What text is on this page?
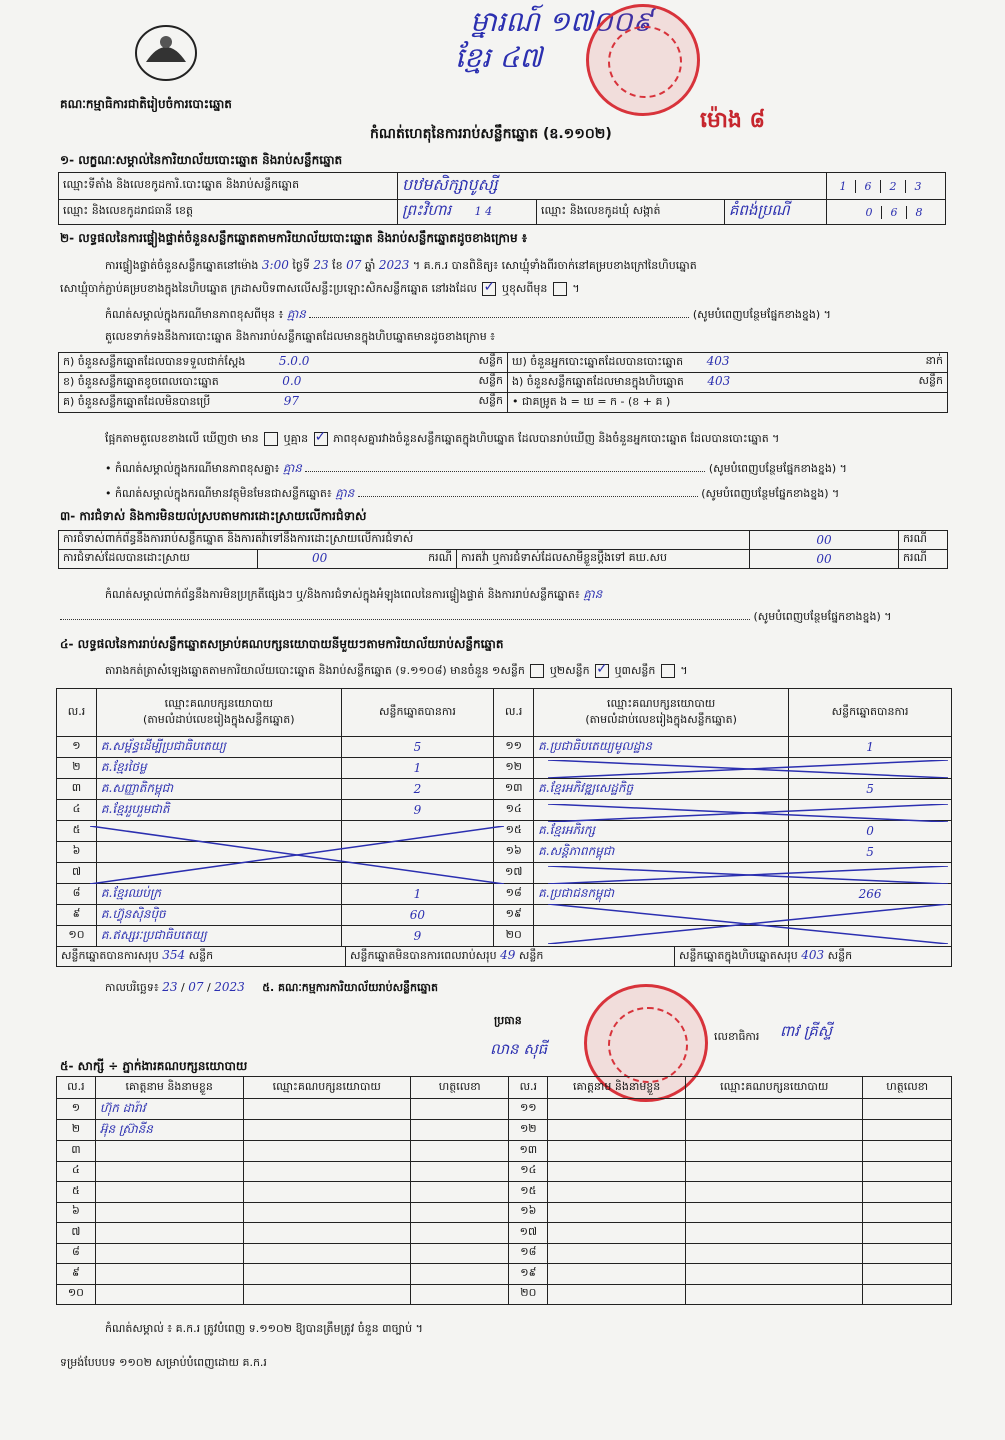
គណៈកម្មាធិការជាតិរៀបចំការបោះឆ្នោត
ម្នារណ៍ ១៧០០៩
ខ្មែរ ៤៧
ម៉ោង ៨
កំណត់ហេតុនៃការរាប់សន្លឹកឆ្នោត (ឧ.១១០២)
១- លក្ខណៈសម្គាល់នៃការិយាល័យបោះឆ្នោត និងរាប់សន្លឹកឆ្នោត
ឈ្មោះទីតាំង និងលេខកូដការិ.បោះឆ្នោត និងរាប់សន្លឹកឆ្នោត	បឋមសិក្សាបូស្សី			1 6 2 3
ឈ្មោះ និងលេខកូដរាជធានី ខេត្ត	ព្រះវិហារ 1 4	ឈ្មោះ និងលេខកូដឃុំ សង្កាត់	គំពង់ប្រណី	0 6 8
២- លទ្ធផលនៃការផ្ទៀងផ្ទាត់ចំនួនសន្លឹកឆ្នោតតាមការិយាល័យបោះឆ្នោត និងរាប់សន្លឹកឆ្នោតដូចខាងក្រោម ៖
ការផ្ទៀងផ្ទាត់ចំនួនសន្លឹកឆ្នោតនៅម៉ោង 3:00 ថ្ងៃទី 23 ខែ 07 ឆ្នាំ 2023 ។ គ.ក.រ បានពិនិត្យ៖ សោឃ្មុំទាំងពីរចាក់នៅគម្របខាងក្រៅនៃហិបឆ្នោត
សោឃ្មុំចាក់ភ្ជាប់គម្របខាងក្នុងនៃហិបឆ្នោត ក្រដាសបិទពាសលើសន្លឹះប្រឡោះសិកសន្លឹកឆ្នោត នៅរងដែល ✓ ឬខុសពីមុន  ។
កំណត់សម្គាល់ក្នុងករណីមានភាពខុសពីមុន ៖ គ្មាន	(សូមបំពេញបន្ថែមផ្នែកខាងខ្នង) ។
តួលេខទាក់ទងនឹងការបោះឆ្នោត និងការរាប់សន្លឹកឆ្នោតដែលមានក្នុងហិបឆ្នោតមានដូចខាងក្រោម ៖
ក) ចំនួនសន្លឹកឆ្នោតដែលបានទទួលជាក់ស្តែង 5.0.0 សន្លឹក	ឃ) ចំនួនអ្នកបោះឆ្នោតដែលបានបោះឆ្នោត 403 នាក់

ខ) ចំនួនសន្លឹកឆ្នោតខូចពេលបោះឆ្នោត 0.0 សន្លឹក	ង) ចំនួនសន្លឹកឆ្នោតដែលមានក្នុងហិបឆ្នោត 403 សន្លឹក

គ) ចំនួនសន្លឹកឆ្នោតដែលមិនបានប្រើ 97 សន្លឹក	• ជាគម្រូត ង = ឃ = ក - (ខ + គ )
ផ្អែកតាមតួលេខខាងលើ ឃើញថា មាន ឬគ្មាន ✓ ភាពខុសគ្នារវាងចំនួនសន្លឹកឆ្នោតក្នុងហិបឆ្នោត ដែលបានរាប់ឃើញ និងចំនួនអ្នកបោះឆ្នោត ដែលបានបោះឆ្នោត ។
• កំណត់សម្គាល់ក្នុងករណីមានភាពខុសគ្នា៖ គ្មាន	(សូមបំពេញបន្ថែមផ្នែកខាងខ្នង) ។
• កំណត់សម្គាល់ក្នុងករណីមានវត្ថុមិនមែនជាសន្លឹកឆ្នោត៖ គ្មាន	(សូមបំពេញបន្ថែមផ្នែកខាងខ្នង) ។
៣- ការជំទាស់ និងការមិនយល់ស្របតាមការដោះស្រាយលើការជំទាស់
ការជំទាស់ពាក់ព័ន្ធនឹងការរាប់សន្លឹកឆ្នោត និងការតវ៉ាទៅនឹងការដោះស្រាយលើការជំទាស់			00	ករណី
ការជំទាស់ដែលបានដោះស្រាយ	00 ករណី	ការតវ៉ា ឬការជំទាស់ដែលសាមីខ្លួនប្តឹងទៅ គឃ.សប	00	ករណី
កំណត់សម្គាល់ពាក់ព័ន្ធនឹងការមិនប្រក្រតីផ្សេងៗ ឬ/និងការជំទាស់ក្នុងអំឡុងពេលនៃការផ្ទៀងផ្ទាត់ និងការរាប់សន្លឹកឆ្នោត៖ គ្មាន
(សូមបំពេញបន្ថែមផ្នែកខាងខ្នង) ។
៤- លទ្ធផលនៃការរាប់សន្លឹកឆ្នោតសម្រាប់គណបក្សនយោបាយនីមួយៗតាមការិយាល័យរាប់សន្លឹកឆ្នោត
តារាងកត់ត្រាសំឡេងឆ្នោតតាមការិយាល័យបោះឆ្នោត និងរាប់សន្លឹកឆ្នោត (ទ.១១០៨) មានចំនួន ១សន្លឹក ឬ២សន្លឹក ✓ ឬ៣សន្លឹក  ។
ល.រ	ឈ្មោះគណបក្សនយោបាយ
(តាមលំដាប់លេខរៀងក្នុងសន្លឹកឆ្នោត)	សន្លឹកឆ្នោតបានការ	ល.រ	ឈ្មោះគណបក្សនយោបាយ
(តាមលំដាប់លេខរៀងក្នុងសន្លឹកឆ្នោត)	សន្លឹកឆ្នោតបានការ
១	គ.សម្ព័ន្ធដើម្បីប្រជាធិបតេយ្យ	5	១១	គ.ប្រជាធិបតេយ្យមូលដ្ឋាន	1
២	គ.ខ្មែរថៃម្ល	1	១២		
៣	គ.សញ្ញាតិកម្ពុជា	2	១៣	គ.ខ្មែរអភិវឌ្ឍសេដ្ឋកិច្ច	5
៤	គ.ខ្មែររួបរួមជាតិ	9	១៤		
៥			១៥	គ.ខ្មែរអភិរក្ស	0
៦			១៦	គ.សន្តិភាពកម្ពុជា	5
៧			១៧		
៨	គ.ខ្មែរឈប់ក្រ	1	១៨	គ.ប្រជាជនកម្ពុជា	266
៩	គ.ហ៊្វុនស៊ិនប៉ិច	60	១៩		
១០	គ.ឥស្សរៈប្រជាធិបតេយ្យ	9	២០		
សន្លឹកឆ្នោតបានការសរុប 354 សន្លឹក	សន្លឹកឆ្នោតមិនបានការពេលរាប់សរុប 49 សន្លឹក	សន្លឹកឆ្នោតក្នុងហិបឆ្នោតសរុប 403 សន្លឹក
កាលបរិច្ឆេទ៖ 23 / 07 / 2023 ៥. គណៈកម្មការការិយាល័យរាប់សន្លឹកឆ្នោត
ប្រធាន
លាន សុធី
លេខាធិការ ពាវ គ្រីស្ទី
៥- សាក្សី ÷ ភ្នាក់ងារគណបក្សនយោបាយ
ល.រ	គោត្តនាម និងនាមខ្លួន	ឈ្មោះគណបក្សនយោបាយ	ហត្ថលេខា	ល.រ	គោត្តនាម និងនាមខ្លួន	ឈ្មោះគណបក្សនយោបាយ	ហត្ថលេខា
១	ហ៊ុក ដារ៉ាវ			១១			
២	អ៊ុន ស្រ៊ានីន			១២			
៣				១៣			
៤				១៤			
៥				១៥			
៦				១៦			
៧				១៧			
៨				១៨			
៩				១៩			
១០				២០			
កំណត់សម្គាល់ ៖ គ.ក.រ ត្រូវបំពេញ ទ.១១០២ ឱ្យបានត្រឹមត្រូវ ចំនួន ៣ច្បាប់ ។
ទម្រង់បែបបទ ១១០២ សម្រាប់បំពេញដោយ គ.ក.រ
